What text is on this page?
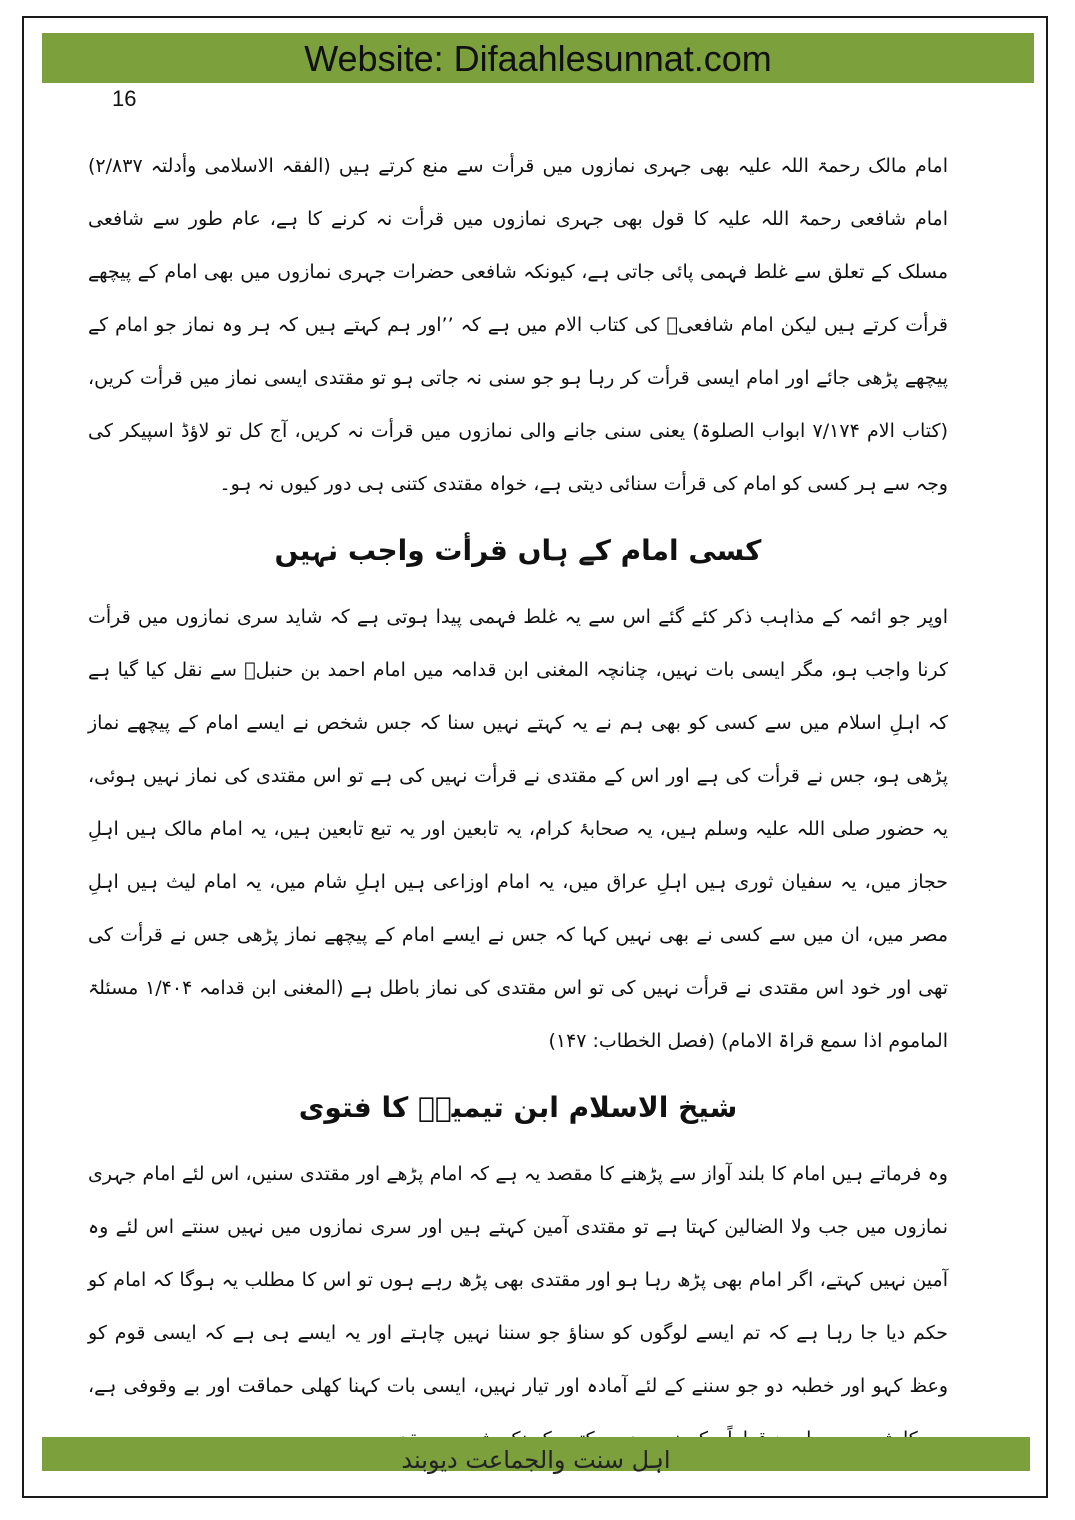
Website: Difaahlesunnat.com
16

امام مالک رحمۃ اللہ علیہ بھی جہری نمازوں میں قرأت سے منع کرتے ہیں (الفقہ الاسلامی وأدلتہ ۲/۸۳۷) امام شافعی رحمۃ اللہ علیہ کا قول بھی جہری نمازوں میں قرأت نہ کرنے کا ہے، عام طور سے شافعی مسلک کے تعلق سے غلط فہمی پائی جاتی ہے، کیونکہ شافعی حضرات جہری نمازوں میں بھی امام کے پیچھے قرأت کرتے ہیں لیکن امام شافعیؒ کی کتاب الام میں ہے کہ ’’اور ہم کہتے ہیں کہ ہر وہ نماز جو امام کے پیچھے پڑھی جائے اور امام ایسی قرأت کر رہا ہو جو سنی نہ جاتی ہو تو مقتدی ایسی نماز میں قرأت کریں، (کتاب الام ۷/۱۷۴ ابواب الصلوۃ) یعنی سنی جانے والی نمازوں میں قرأت نہ کریں، آج کل تو لاؤڈ اسپیکر کی وجہ سے ہر کسی کو امام کی قرأت سنائی دیتی ہے، خواہ مقتدی کتنی ہی دور کیوں نہ ہو۔

کسی امام کے ہاں قرأت واجب نہیں

اوپر جو ائمہ کے مذاہب ذکر کئے گئے اس سے یہ غلط فہمی پیدا ہوتی ہے کہ شاید سری نمازوں میں قرأت کرنا واجب ہو، مگر ایسی بات نہیں، چنانچہ المغنی ابن قدامہ میں امام احمد بن حنبلؒ سے نقل کیا گیا ہے کہ اہلِ اسلام میں سے کسی کو بھی ہم نے یہ کہتے نہیں سنا کہ جس شخص نے ایسے امام کے پیچھے نماز پڑھی ہو، جس نے قرأت کی ہے اور اس کے مقتدی نے قرأت نہیں کی ہے تو اس مقتدی کی نماز نہیں ہوئی، یہ حضور صلی اللہ علیہ وسلم ہیں، یہ صحابۂ کرام، یہ تابعین اور یہ تبع تابعین ہیں، یہ امام مالک ہیں اہلِ حجاز میں، یہ سفیان ثوری ہیں اہلِ عراق میں، یہ امام اوزاعی ہیں اہلِ شام میں، یہ امام لیث ہیں اہلِ مصر میں، ان میں سے کسی نے بھی نہیں کہا کہ جس نے ایسے امام کے پیچھے نماز پڑھی جس نے قرأت کی تھی اور خود اس مقتدی نے قرأت نہیں کی تو اس مقتدی کی نماز باطل ہے (المغنی ابن قدامہ ۱/۴۰۴ مسئلۃ الماموم اذا سمع قراۃ الامام) (فصل الخطاب: ۱۴۷)

شیخ الاسلام ابن تیمیہؒ کا فتوی

وہ فرماتے ہیں امام کا بلند آواز سے پڑھنے کا مقصد یہ ہے کہ امام پڑھے اور مقتدی سنیں، اس لئے امام جہری نمازوں میں جب ولا الضالین کہتا ہے تو مقتدی آمین کہتے ہیں اور سری نمازوں میں نہیں سنتے اس لئے وہ آمین نہیں کہتے، اگر امام بھی پڑھ رہا ہو اور مقتدی بھی پڑھ رہے ہوں تو اس کا مطلب یہ ہوگا کہ امام کو حکم دیا جا رہا ہے کہ تم ایسے لوگوں کو سناؤ جو سننا نہیں چاہتے اور یہ ایسے ہی ہے کہ ایسی قوم کو وعظ کہو اور خطبہ دو جو سننے کے لئے آمادہ اور تیار نہیں، ایسی بات کہنا کھلی حماقت اور بے وقوفی ہے،

اہل سنت والجماعت دیوبند
